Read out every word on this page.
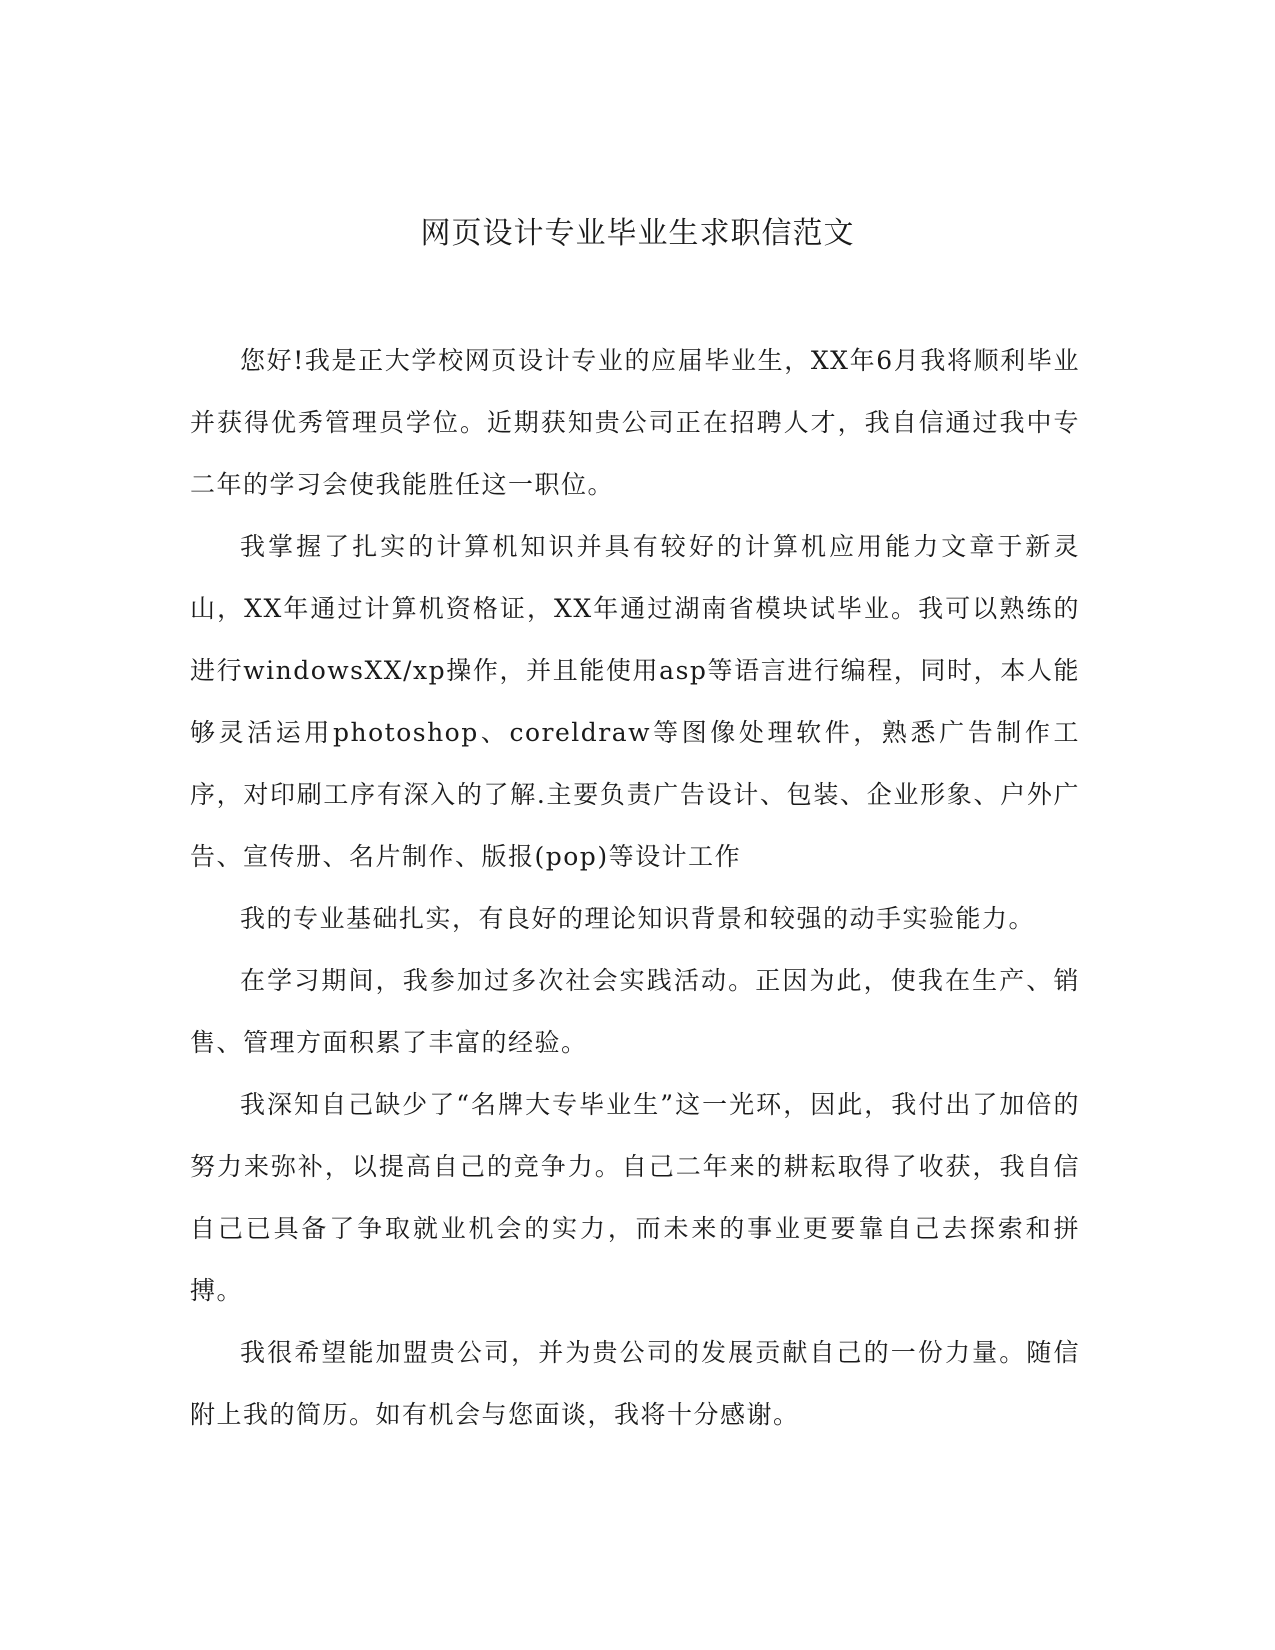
网页设计专业毕业生求职信范文

您好!我是正大学校网页设计专业的应届毕业生，XX年6月我将顺利毕业并获得优秀管理员学位。近期获知贵公司正在招聘人才，我自信通过我中专二年的学习会使我能胜任这一职位。

我掌握了扎实的计算机知识并具有较好的计算机应用能力文章于新灵山，XX年通过计算机资格证，XX年通过湖南省模块试毕业。我可以熟练的进行windowsXX/xp操作，并且能使用asp等语言进行编程，同时，本人能够灵活运用photoshop、coreldraw等图像处理软件，熟悉广告制作工序，对印刷工序有深入的了解.主要负责广告设计、包装、企业形象、户外广告、宣传册、名片制作、版报(pop)等设计工作

我的专业基础扎实，有良好的理论知识背景和较强的动手实验能力。

在学习期间，我参加过多次社会实践活动。正因为此，使我在生产、销售、管理方面积累了丰富的经验。

我深知自己缺少了“名牌大专毕业生”这一光环，因此，我付出了加倍的努力来弥补，以提高自己的竞争力。自己二年来的耕耘取得了收获，我自信自己已具备了争取就业机会的实力，而未来的事业更要靠自己去探索和拼搏。

我很希望能加盟贵公司，并为贵公司的发展贡献自己的一份力量。随信附上我的简历。如有机会与您面谈，我将十分感谢。
